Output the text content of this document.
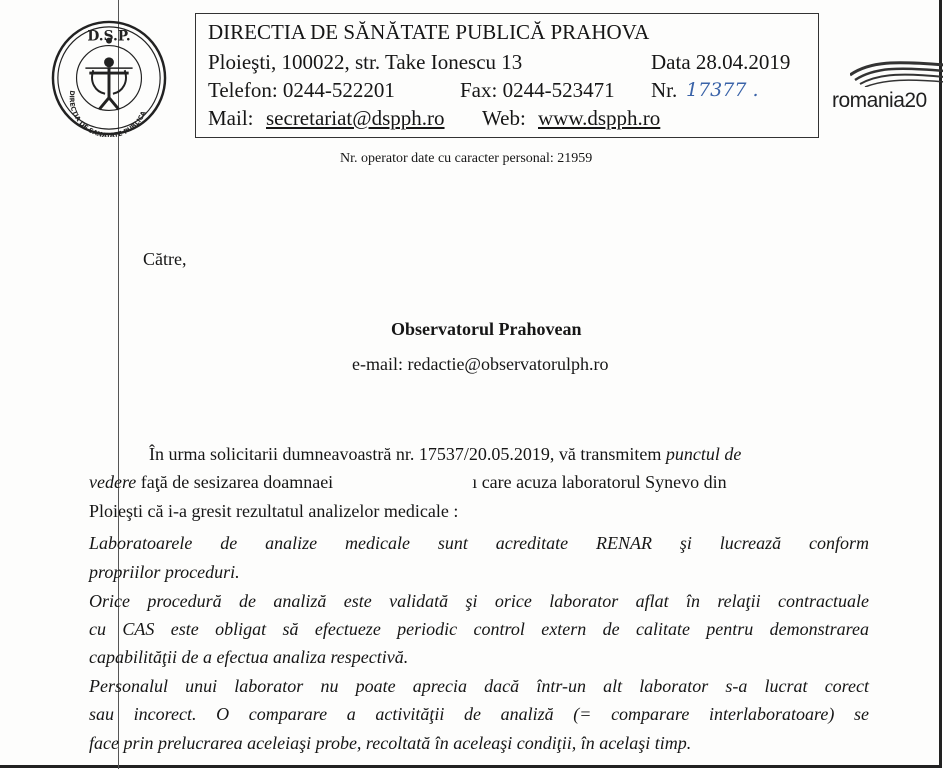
D.S.P.
DIRECTIA DE SANATATE PUBLICA
DIRECTIA DE SĂNĂTATE PUBLICĂ PRAHOVA
Ploieşti, 100022, str. Take Ionescu 13	Data 28.04.2019
Telefon: 0244-522201	Fax: 0244-523471 Nr. 17377 .
Mail: secretariat@dspph.ro Web: www.dspph.ro
romania20
Nr. operator date cu caracter personal: 21959
Către,
Observatorul Prahovean
e-mail: redactie@observatorulph.ro
În urma solicitarii dumneavoastră nr. 17537/20.05.2019, vă transmitem punctul de
vedere faţă de sesizarea doamnaei	ı care acuza laboratorul Synevo din
Ploieşti că i-a gresit rezultatul analizelor medicale :
Laboratoarele de analize medicale sunt acreditate RENAR şi lucrează conform
propriilor proceduri.
Orice procedură de analiză este validată şi orice laborator aflat în relaţii contractuale
cu CAS este obligat să efectueze periodic control extern de calitate pentru demonstrarea
capabilităţii de a efectua analiza respectivă.
Personalul unui laborator nu poate aprecia dacă într-un alt laborator s-a lucrat corect
sau incorect. O comparare a activităţii de analiză (= comparare interlaboratoare) se
face prin prelucrarea aceleiaşi probe, recoltată în aceleaşi condiţii, în acelaşi timp.
